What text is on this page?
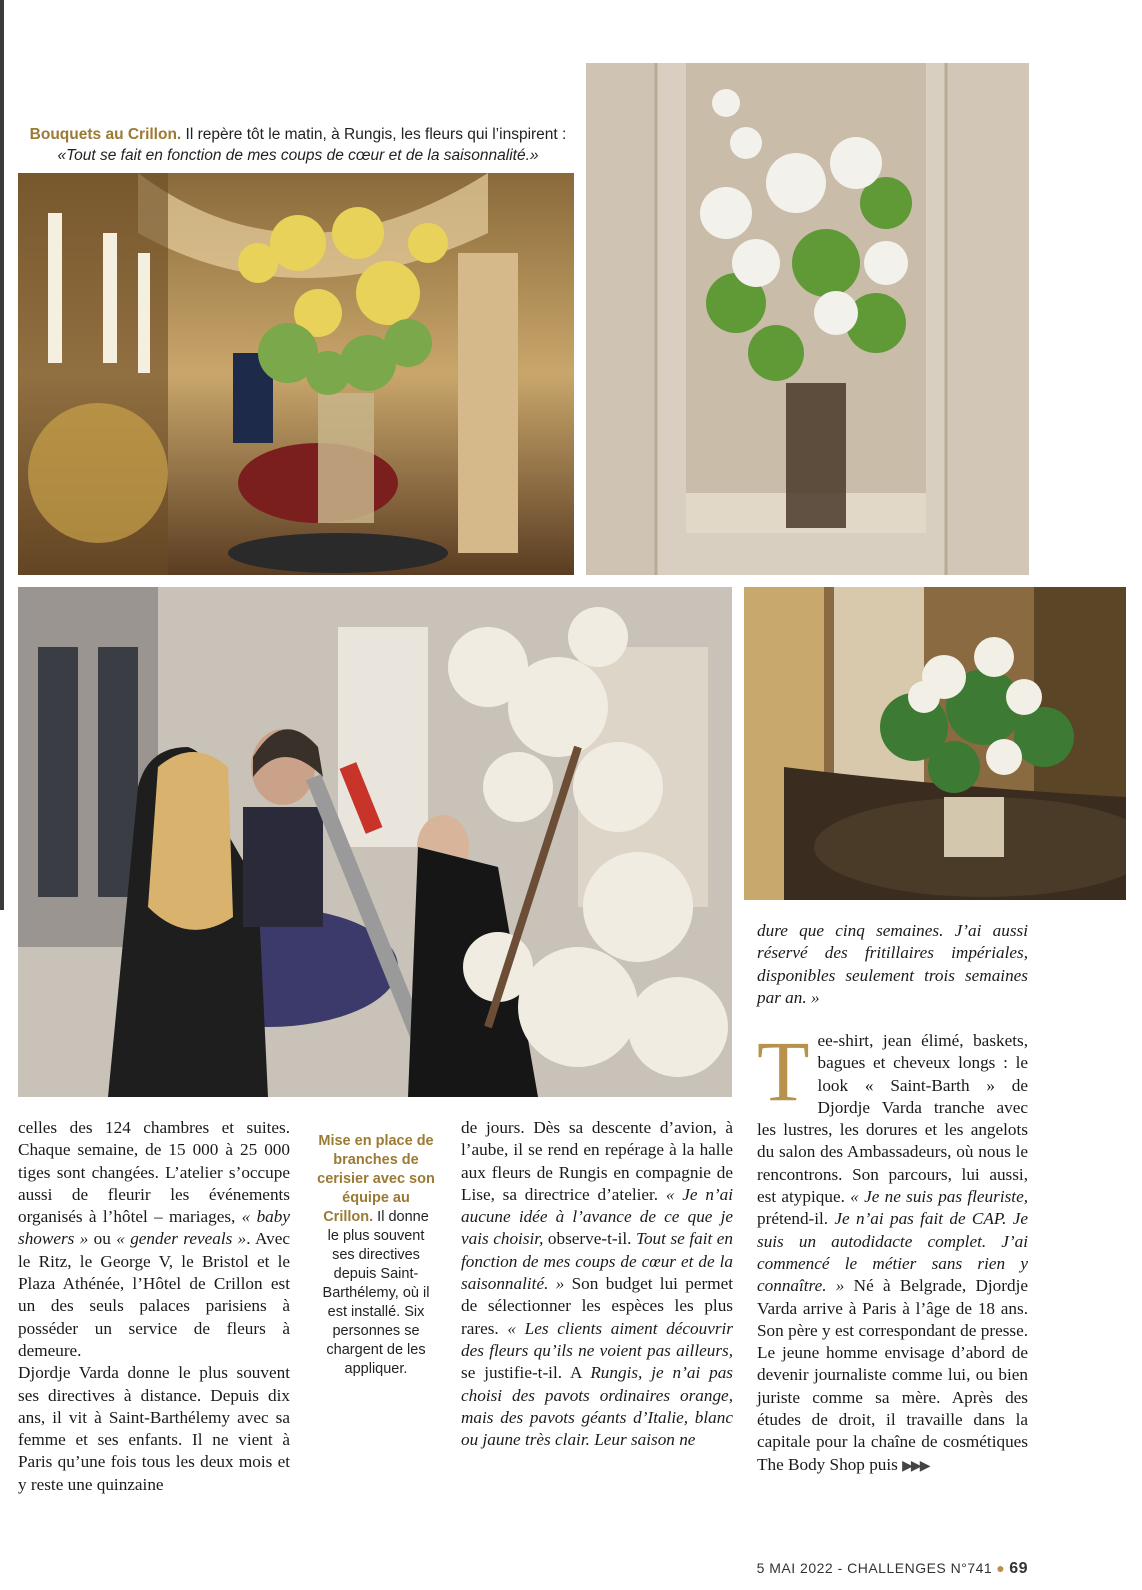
Bouquets au Crillon. Il repère tôt le matin, à Rungis, les fleurs qui l’inspirent :
«Tout se fait en fonction de mes coups de cœur et de la saisonnalité.»

celles des 124 chambres et suites. Chaque semaine, de 15 000 à 25 000 tiges sont changées. L’atelier s’occupe aussi de fleurir les événements organisés à l’hôtel – mariages, « baby showers » ou « gender reveals ». Avec le Ritz, le George V, le Bristol et le Plaza Athénée, l’Hôtel de Crillon est un des seuls palaces parisiens à posséder un service de fleurs à demeure.

Djordje Varda donne le plus souvent ses directives à distance. Depuis dix ans, il vit à Saint-Barthélemy avec sa femme et ses enfants. Il ne vient à Paris qu’une fois tous les deux mois et y reste une quinzaine

Mise en place de branches de cerisier avec son équipe au Crillon. Il donne le plus souvent ses directives depuis Saint-Barthélemy, où il est installé. Six personnes se chargent de les appliquer.

de jours. Dès sa descente d’avion, à l’aube, il se rend en repérage à la halle aux fleurs de Rungis en compagnie de Lise, sa directrice d’atelier. « Je n’ai aucune idée à l’avance de ce que je vais choisir, observe-t-il. Tout se fait en fonction de mes coups de cœur et de la saisonnalité. » Son budget lui permet de sélectionner les espèces les plus rares. « Les clients aiment découvrir des fleurs qu’ils ne voient pas ailleurs, se justifie-t-il. A Rungis, je n’ai pas choisi des pavots ordinaires orange, mais des pavots géants d’Italie, blanc ou jaune très clair. Leur saison ne

dure que cinq semaines. J’ai aussi réservé des fritillaires impériales, disponibles seulement trois semaines par an. »

Tee-shirt, jean élimé, baskets, bagues et cheveux longs : le look « Saint-Barth » de Djordje Varda tranche avec les lustres, les dorures et les angelots du salon des Ambassadeurs, où nous le rencontrons. Son parcours, lui aussi, est atypique. « Je ne suis pas fleuriste, prétend-il. Je n’ai pas fait de CAP. Je suis un autodidacte complet. J’ai commencé le métier sans rien y connaître. » Né à Belgrade, Djordje Varda arrive à Paris à l’âge de 18 ans. Son père y est correspondant de presse. Le jeune homme envisage d’abord de devenir journaliste comme lui, ou bien juriste comme sa mère. Après des études de droit, il travaille dans la capitale pour la chaîne de cosmétiques The Body Shop puis ▶▶▶

5 MAI 2022 - CHALLENGES N°741 ● 69
